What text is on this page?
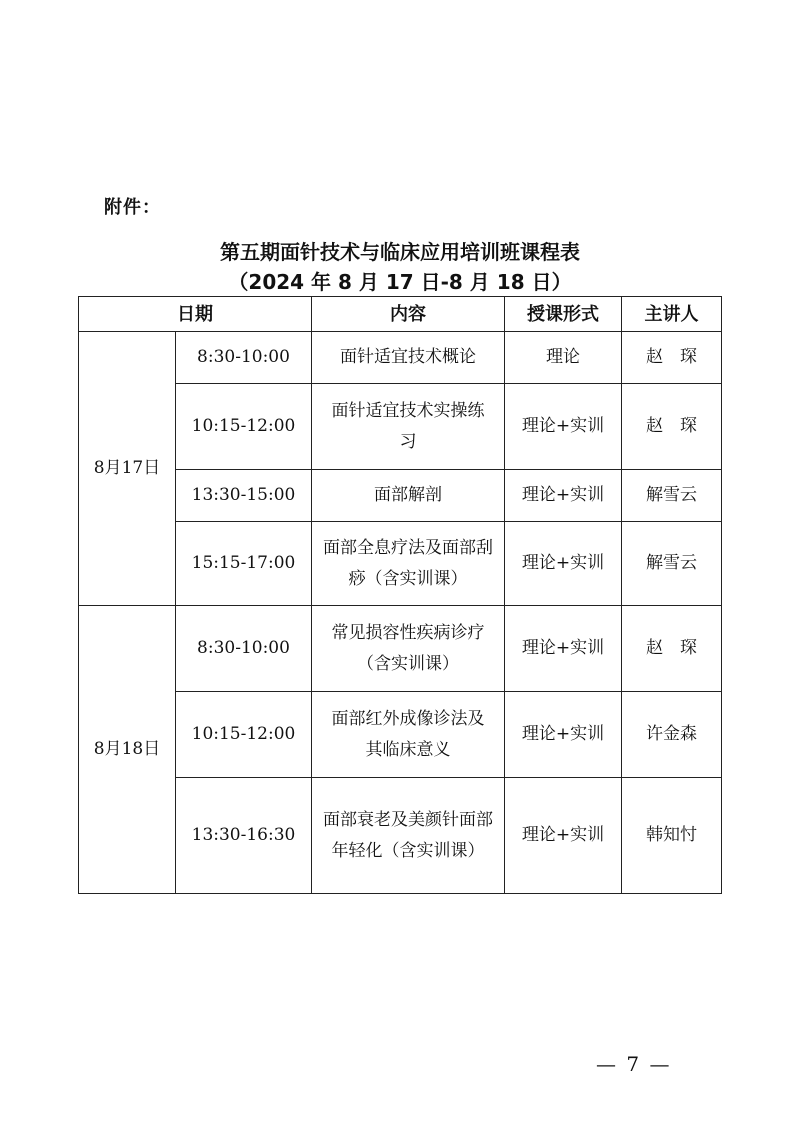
附件：
第五期面针技术与临床应用培训班课程表
（2024 年 8 月 17 日-8 月 18 日）
日期		内容	授课形式	主讲人
8月17日	8:30-10:00	面针适宜技术概论	理论	赵　琛
	10:15-12:00	面针适宜技术实操练习	理论+实训	赵　琛
	13:30-15:00	面部解剖	理论+实训	解雪云
	15:15-17:00	面部全息疗法及面部刮痧（含实训课）	理论+实训	解雪云
8月18日	8:30-10:00	常见损容性疾病诊疗（含实训课）	理论+实训	赵　琛
	10:15-12:00	面部红外成像诊法及其临床意义	理论+实训	许金森
	13:30-16:30	面部衰老及美颜针面部年轻化（含实训课）	理论+实训	韩知忖
— 7 —
